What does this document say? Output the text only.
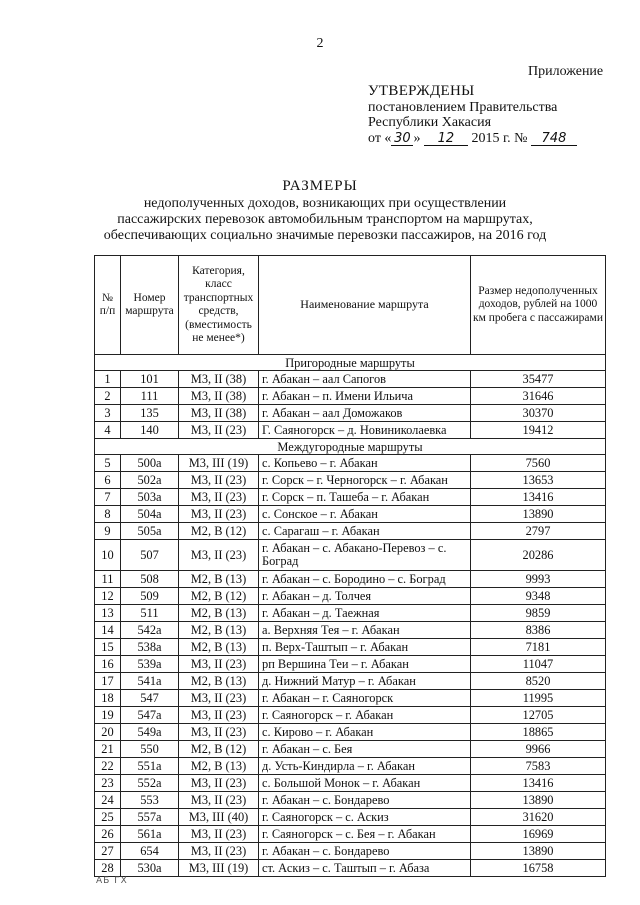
2
Приложение
УТВЕРЖДЕНЫ
постановлением Правительства
Республики Хакасия
от « 30 » 12 2015 г. № 748
РАЗМЕРЫ
недополученных доходов, возникающих при осуществлении пассажирских перевозок автомобильным транспортом на маршрутах, обеспечивающих социально значимые перевозки пассажиров, на 2016 год
№ п/п	Номер маршрута	Категория, класс транспортных средств, (вместимость не менее*)	Наименование маршрута	Размер недополученных доходов, рублей на 1000 км пробега с пассажирами
Пригородные маршруты				
1	101	М3, II (38)	г. Абакан – аал Сапогов	35477
2	111	М3, II (38)	г. Абакан – п. Имени Ильича	31646
3	135	М3, II (38)	г. Абакан – аал Доможаков	30370
4	140	М3, II (23)	Г. Саяногорск – д. Новиниколаевка	19412
Междугородные маршруты				
5	500а	М3, III (19)	с. Копьево – г. Абакан	7560
6	502а	М3, II (23)	г. Сорск – г. Черногорск – г. Абакан	13653
7	503а	М3, II (23)	г. Сорск – п. Ташеба – г. Абакан	13416
8	504а	М3, II (23)	с. Сонское – г. Абакан	13890
9	505а	М2, В (12)	с. Сарагаш – г. Абакан	2797
10	507	М3, II (23)	г. Абакан – с. Абакано-Перевоз – с. Боград	20286
11	508	М2, В (13)	г. Абакан – с. Бородино – с. Боград	9993
12	509	М2, В (12)	г. Абакан – д. Толчея	9348
13	511	М2, В (13)	г. Абакан – д. Таежная	9859
14	542а	М2, В (13)	а. Верхняя Тея – г. Абакан	8386
15	538а	М2, В (13)	п. Верх-Таштып – г. Абакан	7181
16	539а	М3, II (23)	рп Вершина Теи – г. Абакан	11047
17	541а	М2, В (13)	д. Нижний Матур – г. Абакан	8520
18	547	М3, II (23)	г. Абакан – г. Саяногорск	11995
19	547а	М3, II (23)	г. Саяногорск – г. Абакан	12705
20	549а	М3, II (23)	с. Кирово – г. Абакан	18865
21	550	М2, В (12)	г. Абакан – с. Бея	9966
22	551а	М2, В (13)	д. Усть-Киндирла – г. Абакан	7583
23	552а	М3, II (23)	с. Большой Монок – г. Абакан	13416
24	553	М3, II (23)	г. Абакан – с. Бондарево	13890
25	557а	М3, III (40)	г. Саяногорск – с. Аскиз	31620
26	561а	М3, II (23)	г. Саяногорск – с. Бея – г. Абакан	16969
27	654	М3, II (23)	г. Абакан – с. Бондарево	13890
28	530а	М3, III (19)	ст. Аскиз – с. Таштып – г. Абаза	16758
АБ ГХ
